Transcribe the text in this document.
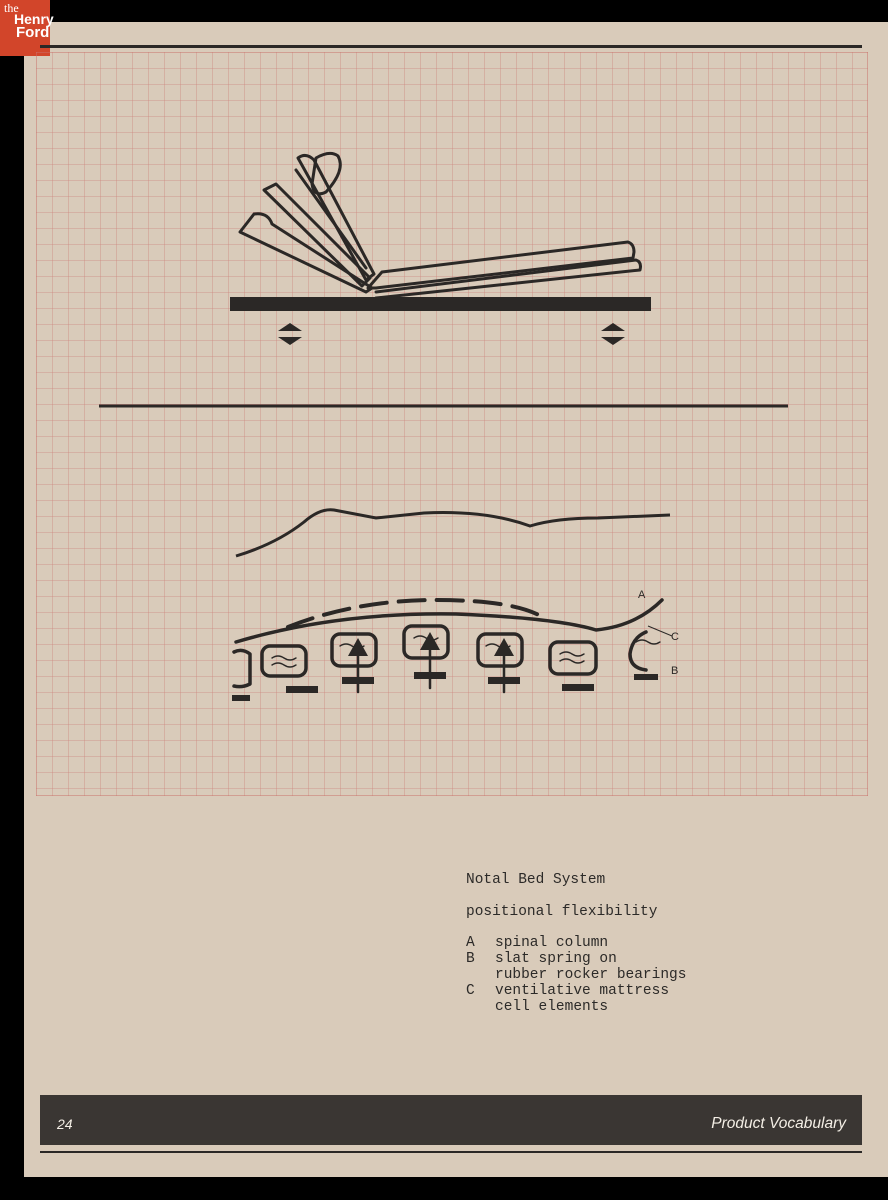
the
Henry
Ford
A
C
B
Notal Bed System
positional flexibility
A	spinal column
B	slat spring on
rubber rocker bearings
C	ventilative mattress
cell elements
24	Product Vocabulary
